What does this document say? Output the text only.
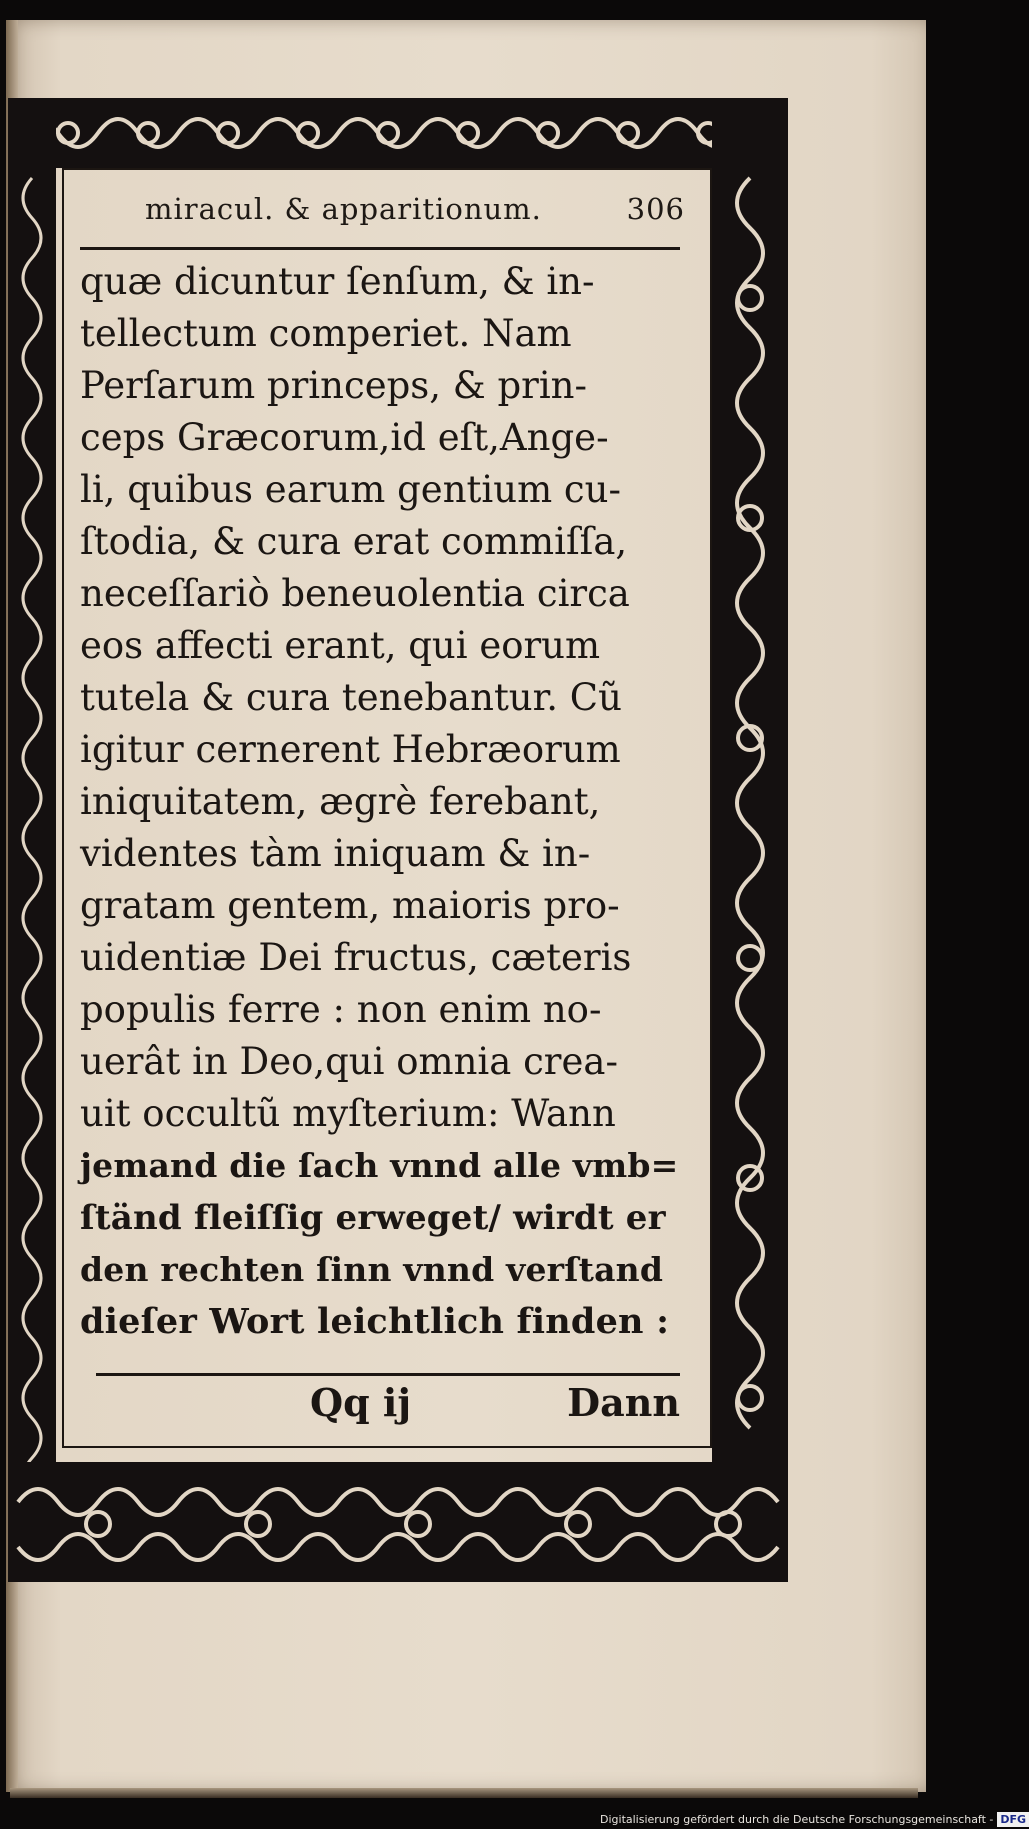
miracul. & apparitionum.	306
quæ dicuntur ſenſum, & in-
tellectum comperiet. Nam
Perſarum princeps, & prin-
ceps Græcorum,id eſt,Ange-
li, quibus earum gentium cu-
ſtodia, & cura erat commiſſa,
neceſſariò beneuolentia circa
eos affecti erant, qui eorum
tutela & cura tenebantur. Cũ
igitur cernerent Hebræorum
iniquitatem, ægrè ferebant,
videntes tàm iniquam & in-
gratam gentem, maioris pro-
uidentiæ Dei fructus, cæteris
populis ferre : non enim no-
uerât in Deo,qui omnia crea-
uit occultũ myſterium: Wann
jemand die ſach vnnd alle vmb=
ſtänd fleiſſig erweget/ wirdt er
den rechten ſinn vnnd verſtand
dieſer Wort leichtlich finden :
Qq ij	Dann
Digitalisierung gefördert durch die Deutsche Forschungsgemeinschaft - DFG
